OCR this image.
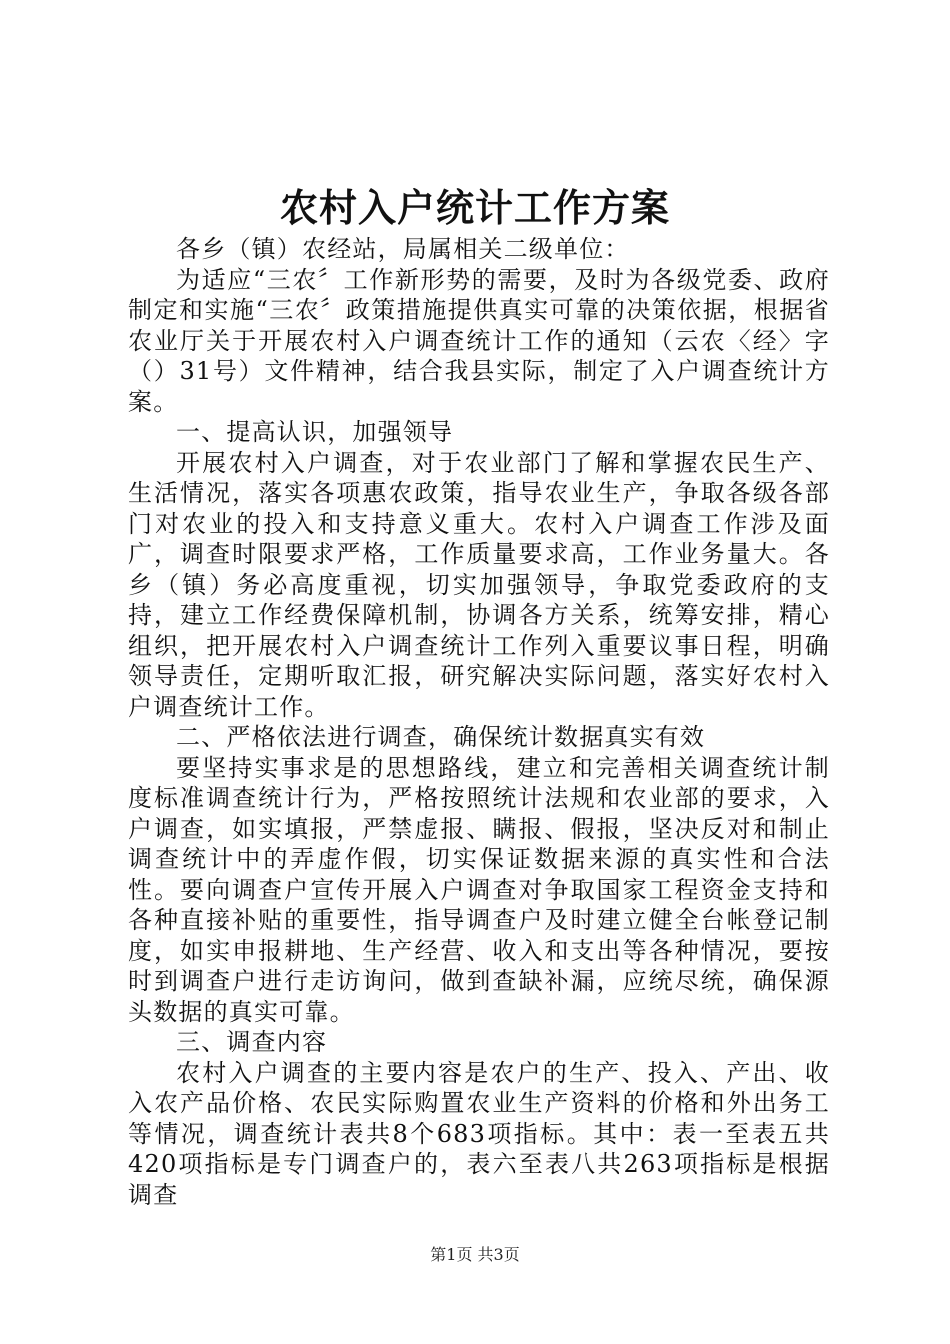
农村入户统计工作方案

各乡（镇）农经站，局属相关二级单位：

为适应“三农〞工作新形势的需要，及时为各级党委、政府制定和实施“三农〞政策措施提供真实可靠的决策依据，根据省农业厅关于开展农村入户调查统计工作的通知（云农〈经〉字（）31号）文件精神，结合我县实际，制定了入户调查统计方案。

一、提高认识，加强领导

开展农村入户调查，对于农业部门了解和掌握农民生产、生活情况，落实各项惠农政策，指导农业生产，争取各级各部门对农业的投入和支持意义重大。农村入户调查工作涉及面广，调查时限要求严格，工作质量要求高，工作业务量大。各乡（镇）务必高度重视，切实加强领导，争取党委政府的支持，建立工作经费保障机制，协调各方关系，统筹安排，精心组织，把开展农村入户调查统计工作列入重要议事日程，明确领导责任，定期听取汇报，研究解决实际问题，落实好农村入户调查统计工作。

二、严格依法进行调查，确保统计数据真实有效

要坚持实事求是的思想路线，建立和完善相关调查统计制度标准调查统计行为，严格按照统计法规和农业部的要求，入户调查，如实填报，严禁虚报、瞒报、假报，坚决反对和制止调查统计中的弄虚作假，切实保证数据来源的真实性和合法性。要向调查户宣传开展入户调查对争取国家工程资金支持和各种直接补贴的重要性，指导调查户及时建立健全台帐登记制度，如实申报耕地、生产经营、收入和支出等各种情况，要按时到调查户进行走访询问，做到查缺补漏，应统尽统，确保源头数据的真实可靠。

三、调查内容

农村入户调查的主要内容是农户的生产、投入、产出、收入农产品价格、农民实际购置农业生产资料的价格和外出务工等情况，调查统计表共8个683项指标。其中：表一至表五共420项指标是专门调查户的，表六至表八共263项指标是根据调查

第1页 共3页
